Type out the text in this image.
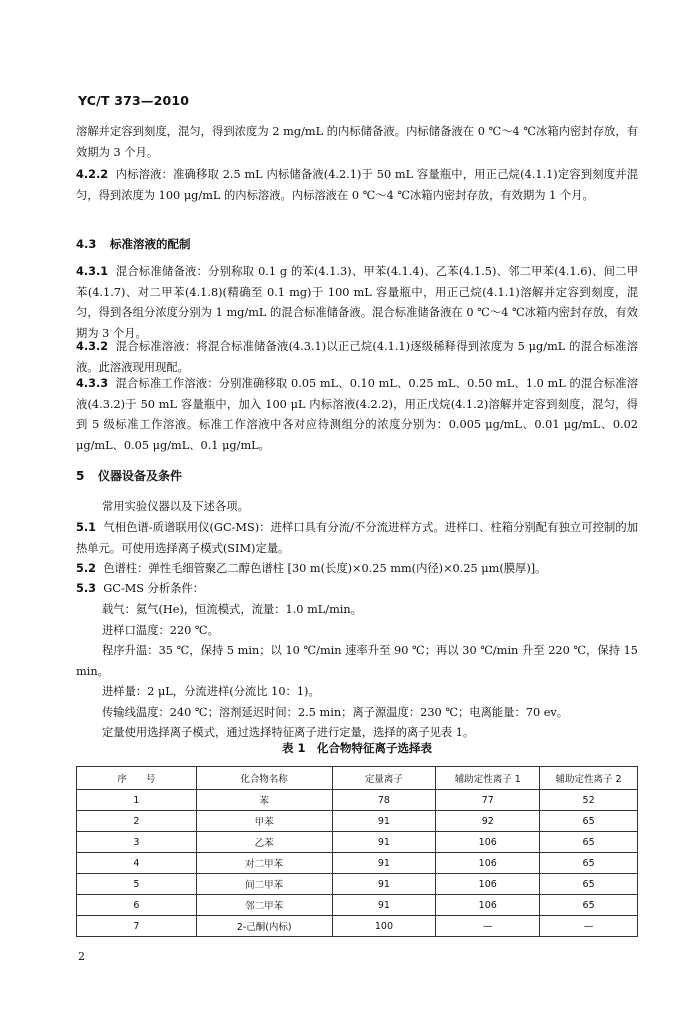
YC/T 373—2010

溶解并定容到刻度，混匀，得到浓度为 2 mg/mL 的内标储备液。内标储备液在 0 ℃～4 ℃冰箱内密封存放，有效期为 3 个月。

4.2.2 内标溶液：准确移取 2.5 mL 内标储备液(4.2.1)于 50 mL 容量瓶中，用正己烷(4.1.1)定容到刻度并混匀，得到浓度为 100 μg/mL 的内标溶液。内标溶液在 0 ℃～4 ℃冰箱内密封存放，有效期为 1 个月。

4.3 标准溶液的配制

4.3.1 混合标准储备液：分别称取 0.1 g 的苯(4.1.3)、甲苯(4.1.4)、乙苯(4.1.5)、邻二甲苯(4.1.6)、间二甲苯(4.1.7)、对二甲苯(4.1.8)(精确至 0.1 mg)于 100 mL 容量瓶中，用正己烷(4.1.1)溶解并定容到刻度，混匀，得到各组分浓度分别为 1 mg/mL 的混合标准储备液。混合标准储备液在 0 ℃～4 ℃冰箱内密封存放，有效期为 3 个月。

4.3.2 混合标准溶液：将混合标准储备液(4.3.1)以正己烷(4.1.1)逐级稀释得到浓度为 5 μg/mL 的混合标准溶液。此溶液现用现配。

4.3.3 混合标准工作溶液：分别准确移取 0.05 mL、0.10 mL、0.25 mL、0.50 mL、1.0 mL 的混合标准溶液(4.3.2)于 50 mL 容量瓶中，加入 100 μL 内标溶液(4.2.2)，用正戊烷(4.1.2)溶解并定容到刻度，混匀，得到 5 级标准工作溶液。标准工作溶液中各对应待测组分的浓度分别为：0.005 μg/mL、0.01 μg/mL、0.02 μg/mL、0.05 μg/mL、0.1 μg/mL。

5 仪器设备及条件

常用实验仪器以及下述各项。

5.1 气相色谱-质谱联用仪(GC-MS)：进样口具有分流/不分流进样方式。进样口、柱箱分别配有独立可控制的加热单元。可使用选择离子模式(SIM)定量。

5.2 色谱柱：弹性毛细管聚乙二醇色谱柱 [30 m(长度)×0.25 mm(内径)×0.25 μm(膜厚)]。

5.3 GC-MS 分析条件：

载气：氦气(He)，恒流模式，流量：1.0 mL/min。

进样口温度：220 ℃。

程序升温：35 ℃，保持 5 min；以 10 ℃/min 速率升至 90 ℃；再以 30 ℃/min 升至 220 ℃，保持 15 min。

进样量：2 μL，分流进样(分流比 10：1)。

传输线温度：240 ℃；溶剂延迟时间：2.5 min；离子源温度：230 ℃；电离能量：70 ev。

定量使用选择离子模式，通过选择特征离子进行定量，选择的离子见表 1。

表 1　化合物特征离子选择表
序　　号	化合物名称	定量离子	辅助定性离子 1	辅助定性离子 2
1	苯	78	77	52
2	甲苯	91	92	65
3	乙苯	91	106	65
4	对二甲苯	91	106	65
5	间二甲苯	91	106	65
6	邻二甲苯	91	106	65
7	2-己酮(内标)	100	—	—
2
